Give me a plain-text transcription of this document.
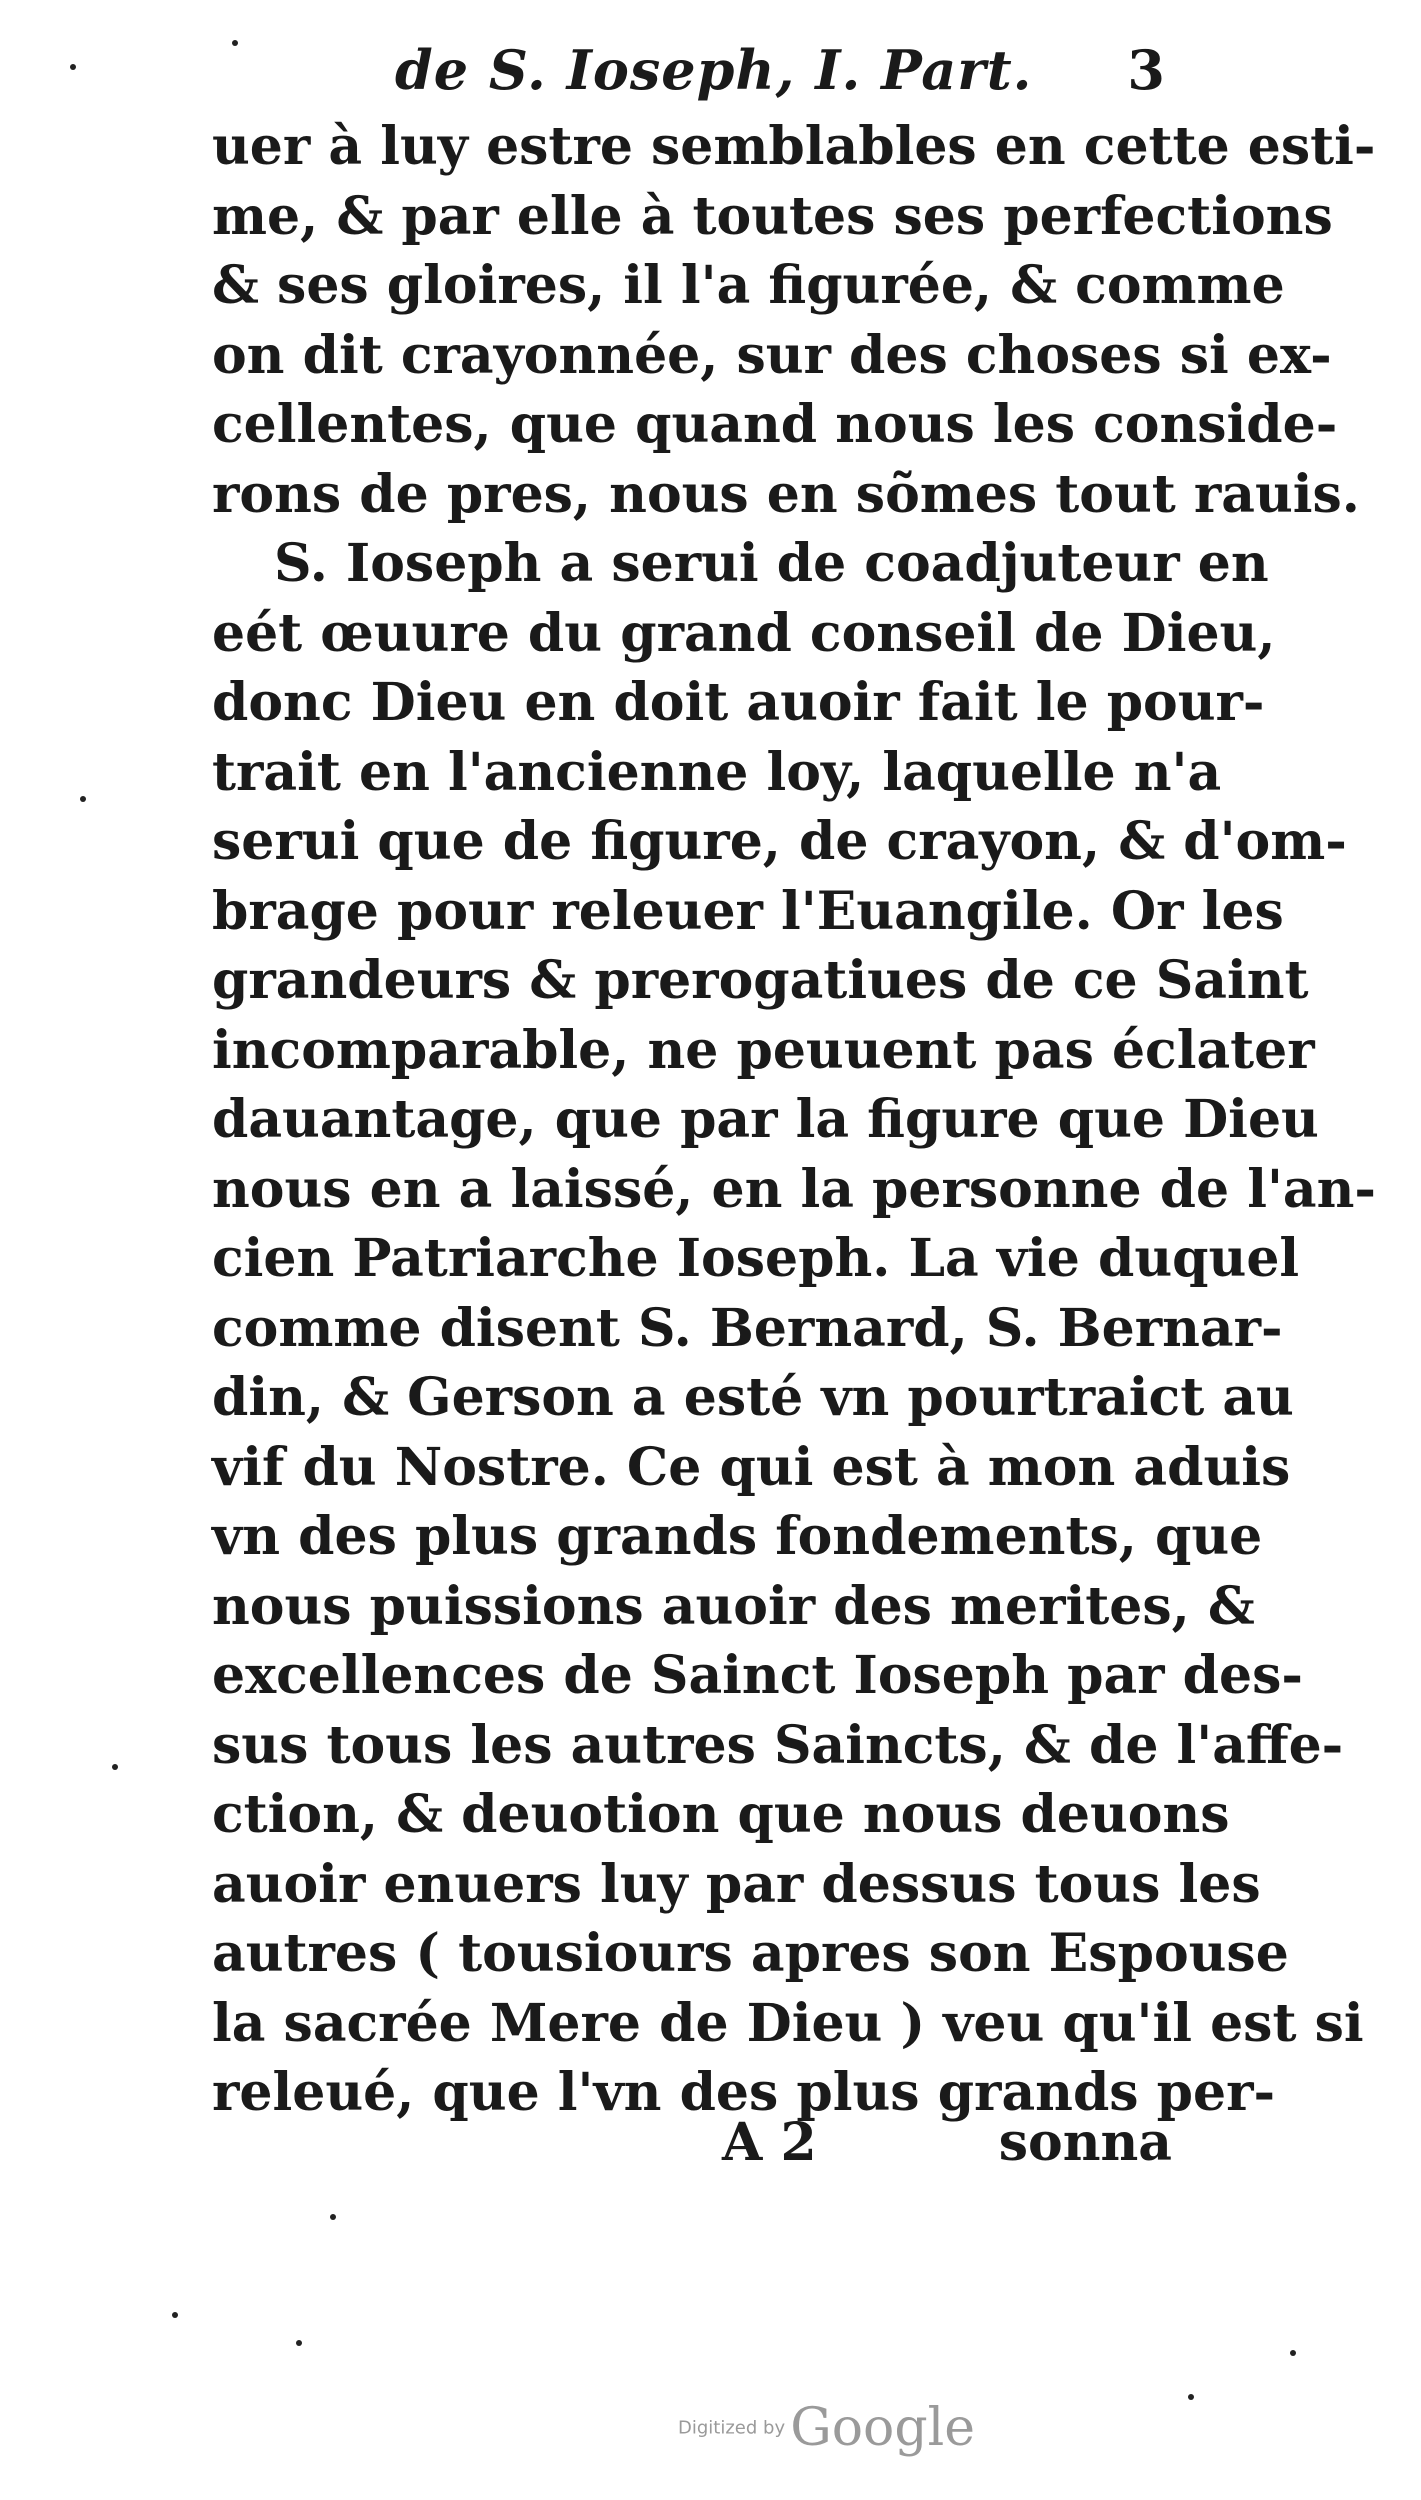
de S. Ioseph, I. Part. 3
uer à luy estre semblables en cette esti-
me, & par elle à toutes ses perfections
& ses gloires, il l'a figurée, & comme
on dit crayonnée, sur des choses si ex-
cellentes, que quand nous les conside-
rons de pres, nous en sõmes tout rauis.
S. Ioseph a serui de coadjuteur en
eét œuure du grand conseil de Dieu,
donc Dieu en doit auoir fait le pour-
trait en l'ancienne loy, laquelle n'a
serui que de figure, de crayon, & d'om-
brage pour releuer l'Euangile. Or les
grandeurs & prerogatiues de ce Saint
incomparable, ne peuuent pas éclater
dauantage, que par la figure que Dieu
nous en a laissé, en la personne de l'an-
cien Patriarche Ioseph. La vie duquel
comme disent S. Bernard, S. Bernar-
din, & Gerson a esté vn pourtraict au
vif du Nostre. Ce qui est à mon aduis
vn des plus grands fondements, que
nous puissions auoir des merites, &
excellences de Sainct Ioseph par des-
sus tous les autres Saincts, & de l'affe-
ction, & deuotion que nous deuons
auoir enuers luy par dessus tous les
autres ( tousiours apres son Espouse
la sacrée Mere de Dieu ) veu qu'il est si
releué, que l'vn des plus grands per-
A 2	sonna
Digitized by Google
